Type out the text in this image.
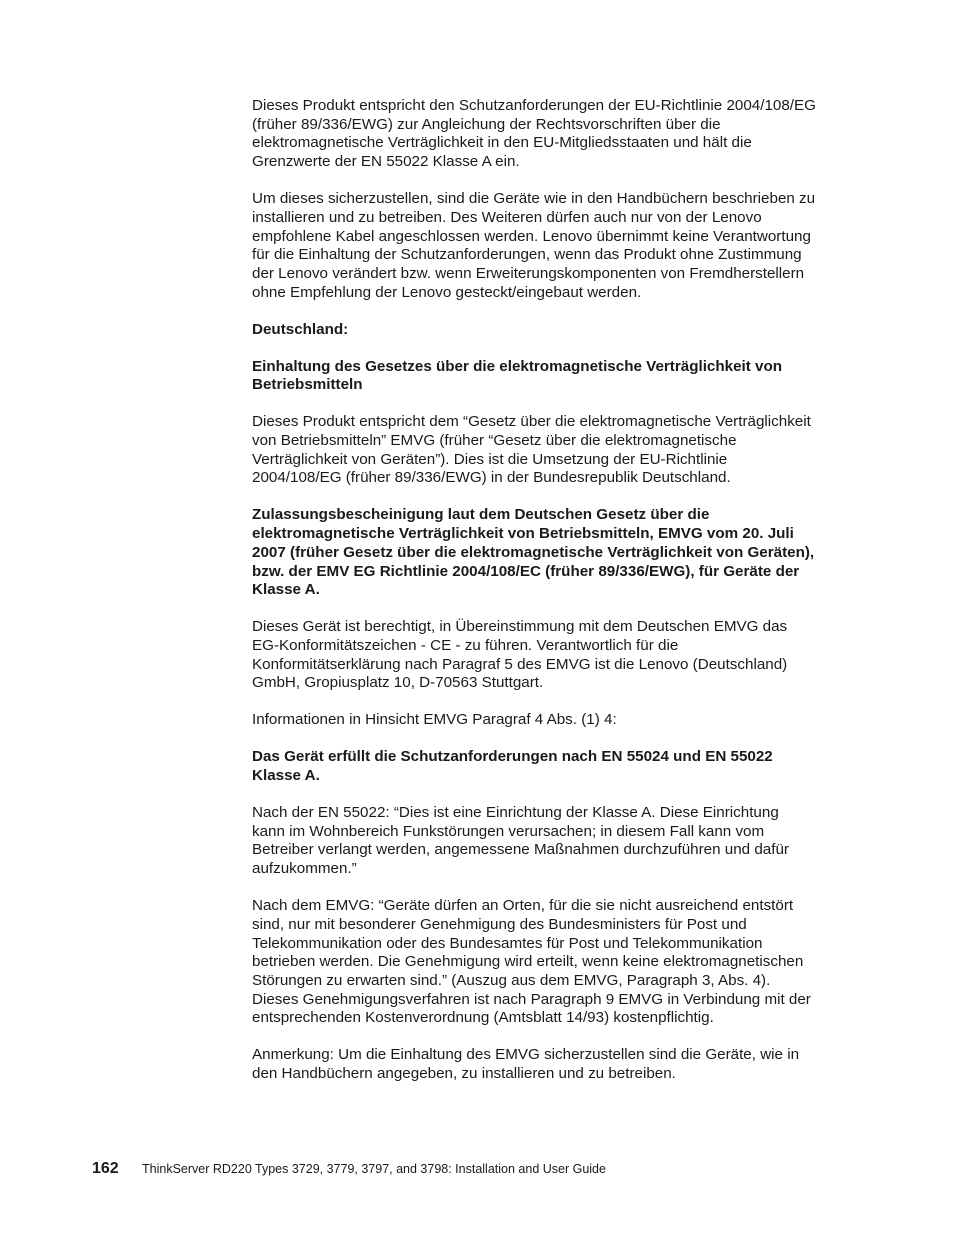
Dieses Produkt entspricht den Schutzanforderungen der EU-Richtlinie 2004/108/EG
(früher 89/336/EWG) zur Angleichung der Rechtsvorschriften über die
elektromagnetische Verträglichkeit in den EU-Mitgliedsstaaten und hält die
Grenzwerte der EN 55022 Klasse A ein.

Um dieses sicherzustellen, sind die Geräte wie in den Handbüchern beschrieben zu
installieren und zu betreiben. Des Weiteren dürfen auch nur von der Lenovo
empfohlene Kabel angeschlossen werden. Lenovo übernimmt keine Verantwortung
für die Einhaltung der Schutzanforderungen, wenn das Produkt ohne Zustimmung
der Lenovo verändert bzw. wenn Erweiterungskomponenten von Fremdherstellern
ohne Empfehlung der Lenovo gesteckt/eingebaut werden.

Deutschland:

Einhaltung des Gesetzes über die elektromagnetische Verträglichkeit von
Betriebsmitteln

Dieses Produkt entspricht dem “Gesetz über die elektromagnetische Verträglichkeit
von Betriebsmitteln” EMVG (früher “Gesetz über die elektromagnetische
Verträglichkeit von Geräten”). Dies ist die Umsetzung der EU-Richtlinie
2004/108/EG (früher 89/336/EWG) in der Bundesrepublik Deutschland.

Zulassungsbescheinigung laut dem Deutschen Gesetz über die
elektromagnetische Verträglichkeit von Betriebsmitteln, EMVG vom 20. Juli
2007 (früher Gesetz über die elektromagnetische Verträglichkeit von Geräten),
bzw. der EMV EG Richtlinie 2004/108/EC (früher 89/336/EWG), für Geräte der
Klasse A.

Dieses Gerät ist berechtigt, in Übereinstimmung mit dem Deutschen EMVG das
EG-Konformitätszeichen - CE - zu führen. Verantwortlich für die
Konformitätserklärung nach Paragraf 5 des EMVG ist die Lenovo (Deutschland)
GmbH, Gropiusplatz 10, D-70563 Stuttgart.

Informationen in Hinsicht EMVG Paragraf 4 Abs. (1) 4:

Das Gerät erfüllt die Schutzanforderungen nach EN 55024 und EN 55022
Klasse A.

Nach der EN 55022: “Dies ist eine Einrichtung der Klasse A. Diese Einrichtung
kann im Wohnbereich Funkstörungen verursachen; in diesem Fall kann vom
Betreiber verlangt werden, angemessene Maßnahmen durchzuführen und dafür
aufzukommen.”

Nach dem EMVG: “Geräte dürfen an Orten, für die sie nicht ausreichend entstört
sind, nur mit besonderer Genehmigung des Bundesministers für Post und
Telekommunikation oder des Bundesamtes für Post und Telekommunikation
betrieben werden. Die Genehmigung wird erteilt, wenn keine elektromagnetischen
Störungen zu erwarten sind.” (Auszug aus dem EMVG, Paragraph 3, Abs. 4).
Dieses Genehmigungsverfahren ist nach Paragraph 9 EMVG in Verbindung mit der
entsprechenden Kostenverordnung (Amtsblatt 14/93) kostenpflichtig.

Anmerkung: Um die Einhaltung des EMVG sicherzustellen sind die Geräte, wie in
den Handbüchern angegeben, zu installieren und zu betreiben.

162	ThinkServer RD220 Types 3729, 3779, 3797, and 3798: Installation and User Guide
